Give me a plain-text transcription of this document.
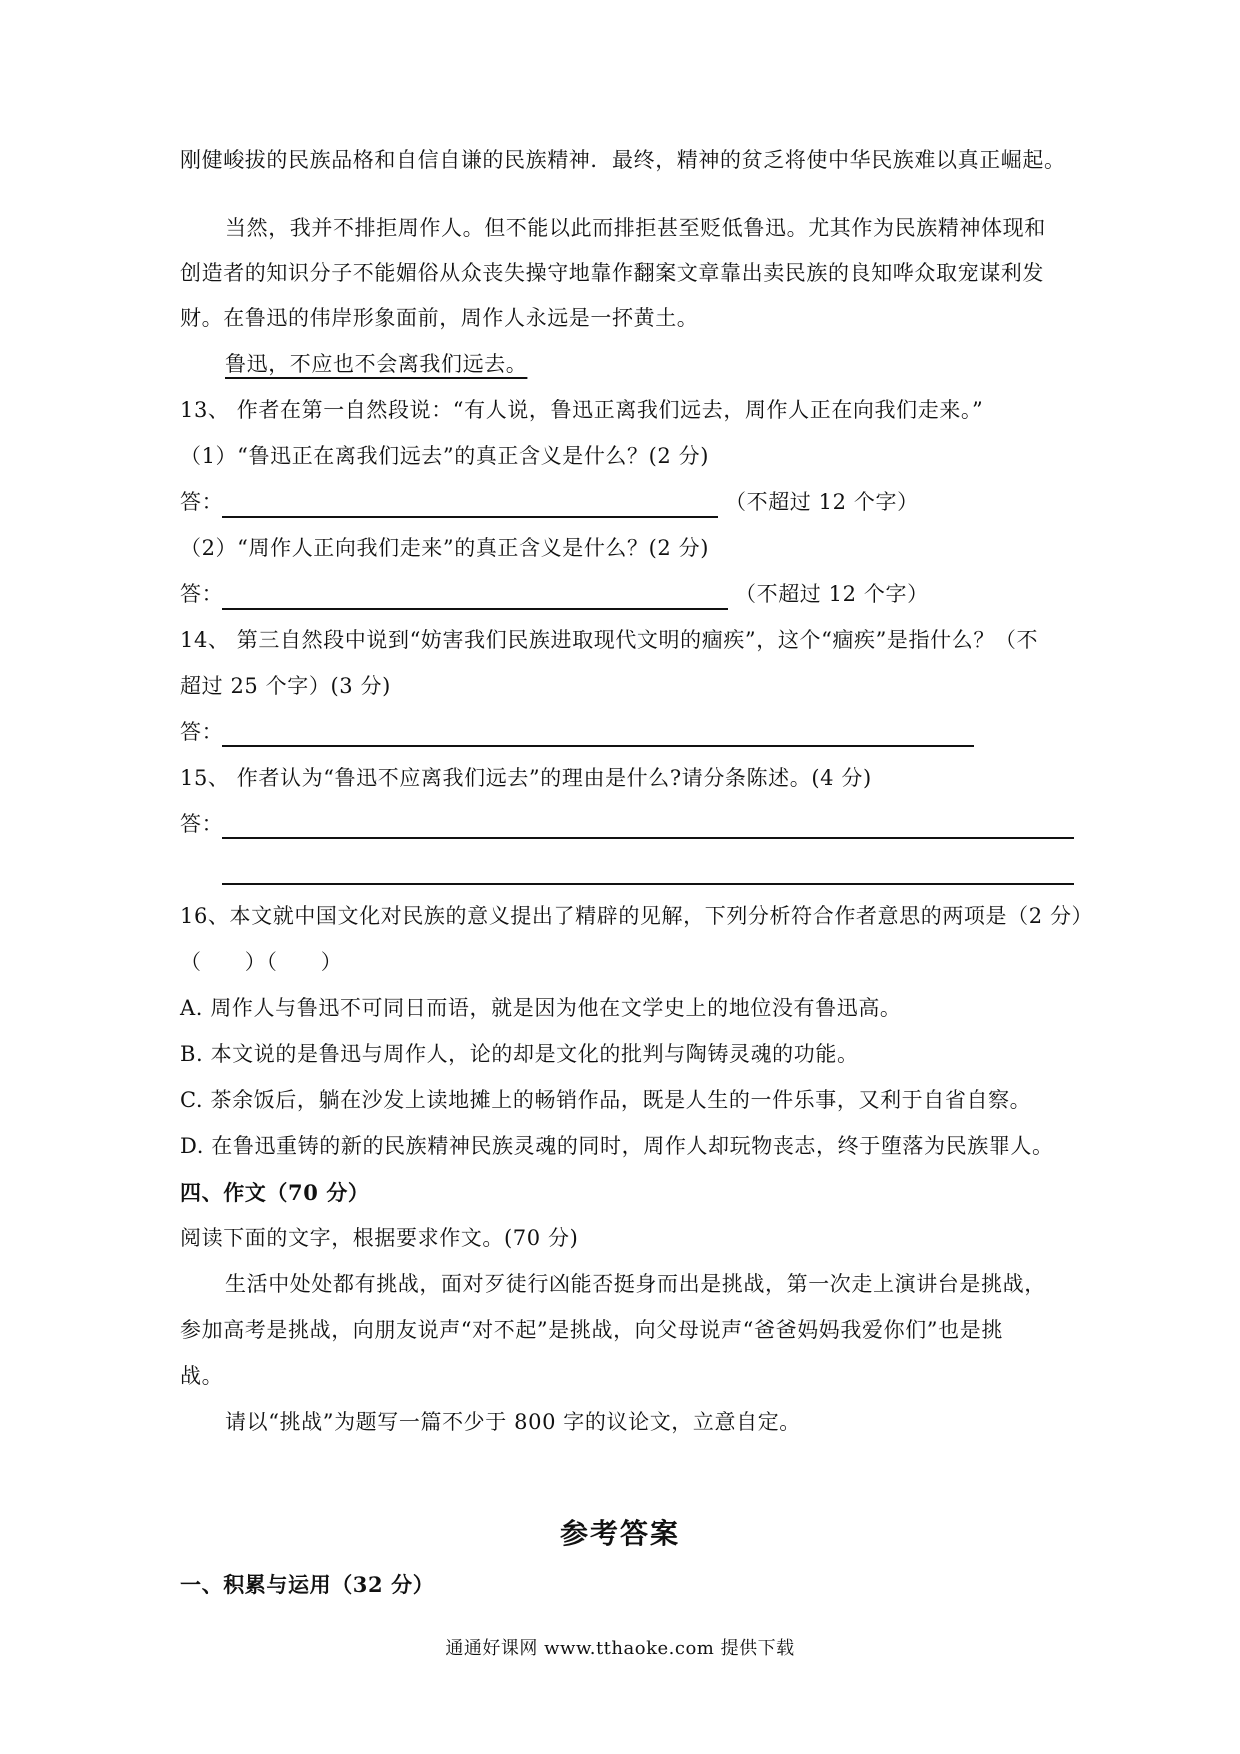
刚健峻拔的民族品格和自信自谦的民族精神．最终，精神的贫乏将使中华民族难以真正崛起。
当然，我并不排拒周作人。但不能以此而排拒甚至贬低鲁迅。尤其作为民族精神体现和
创造者的知识分子不能媚俗从众丧失操守地靠作翻案文章靠出卖民族的良知哗众取宠谋利发
财。在鲁迅的伟岸形象面前，周作人永远是一抔黄土。
鲁迅，不应也不会离我们远去。
13、 作者在第一自然段说：“有人说，鲁迅正离我们远去，周作人正在向我们走来。”
（1）“鲁迅正在离我们远去”的真正含义是什么？(2 分)
答：	（不超过 12 个字）
（2）“周作人正向我们走来”的真正含义是什么？(2 分)
答：	（不超过 12 个字）
14、 第三自然段中说到“妨害我们民族进取现代文明的痼疾”，这个“痼疾”是指什么？（不
超过 25 个字）(3 分)
答：
15、 作者认为“鲁迅不应离我们远去”的理由是什么?请分条陈述。(4 分)
答：
16、本文就中国文化对民族的意义提出了精辟的见解，下列分析符合作者意思的两项是（2 分）
（　　）（　　）
A. 周作人与鲁迅不可同日而语，就是因为他在文学史上的地位没有鲁迅高。
B. 本文说的是鲁迅与周作人，论的却是文化的批判与陶铸灵魂的功能。
C. 茶余饭后，躺在沙发上读地摊上的畅销作品，既是人生的一件乐事，又利于自省自察。
D. 在鲁迅重铸的新的民族精神民族灵魂的同时，周作人却玩物丧志，终于堕落为民族罪人。
四、作文（70 分）
阅读下面的文字，根据要求作文。(70 分)
生活中处处都有挑战，面对歹徒行凶能否挺身而出是挑战，第一次走上演讲台是挑战，
参加高考是挑战，向朋友说声“对不起”是挑战，向父母说声“爸爸妈妈我爱你们”也是挑
战。
请以“挑战”为题写一篇不少于 800 字的议论文，立意自定。
参考答案
一、积累与运用（32 分）
通通好课网 www.tthaoke.com 提供下载
